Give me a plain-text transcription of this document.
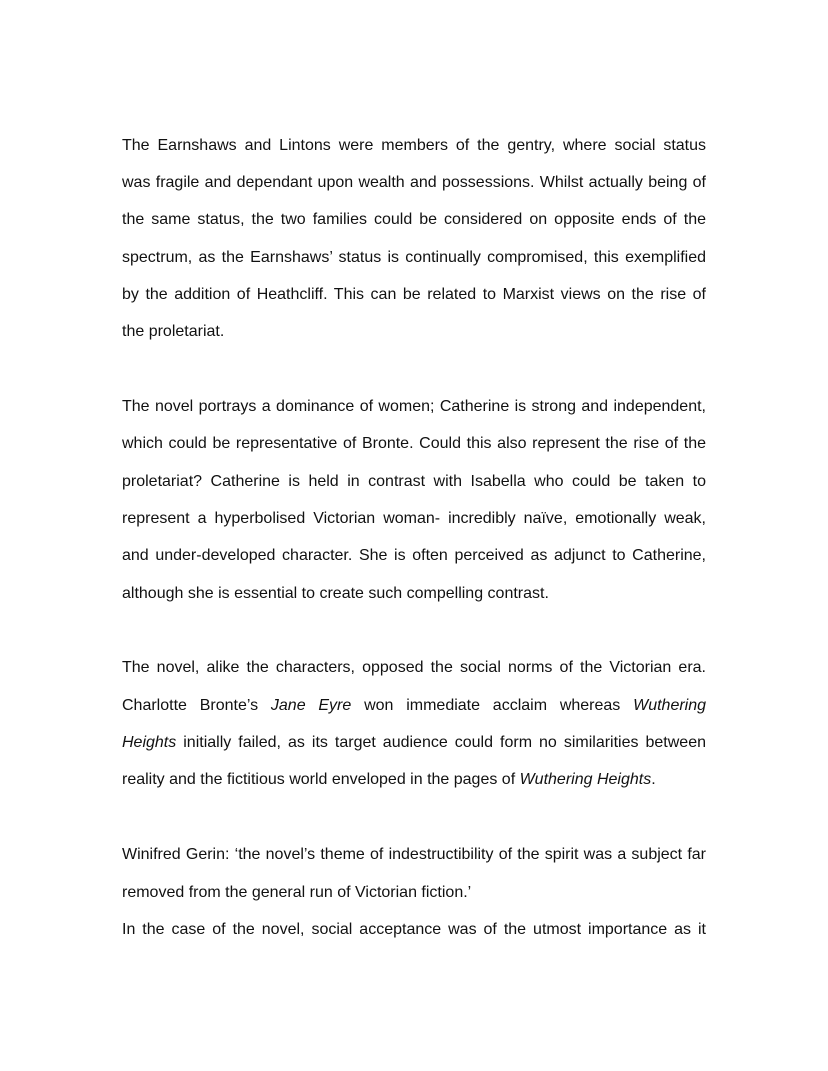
The Earnshaws and Lintons were members of the gentry, where social status
was fragile and dependant upon wealth and possessions. Whilst actually being of
the same status, the two families could be considered on opposite ends of the
spectrum, as the Earnshaws’ status is continually compromised, this exemplified
by the addition of Heathcliff. This can be related to Marxist views on the rise of
the proletariat.
The novel portrays a dominance of women; Catherine is strong and independent,
which could be representative of Bronte. Could this also represent the rise of the
proletariat? Catherine is held in contrast with Isabella who could be taken to
represent a hyperbolised Victorian woman- incredibly naïve, emotionally weak,
and under-developed character. She is often perceived as adjunct to Catherine,
although she is essential to create such compelling contrast.
The novel, alike the characters, opposed the social norms of the Victorian era.
Charlotte Bronte’s Jane Eyre won immediate acclaim whereas Wuthering
Heights initially failed, as its target audience could form no similarities between
reality and the fictitious world enveloped in the pages of Wuthering Heights.
Winifred Gerin: ‘the novel’s theme of indestructibility of the spirit was a subject far
removed from the general run of Victorian fiction.’
In the case of the novel, social acceptance was of the utmost importance as it
